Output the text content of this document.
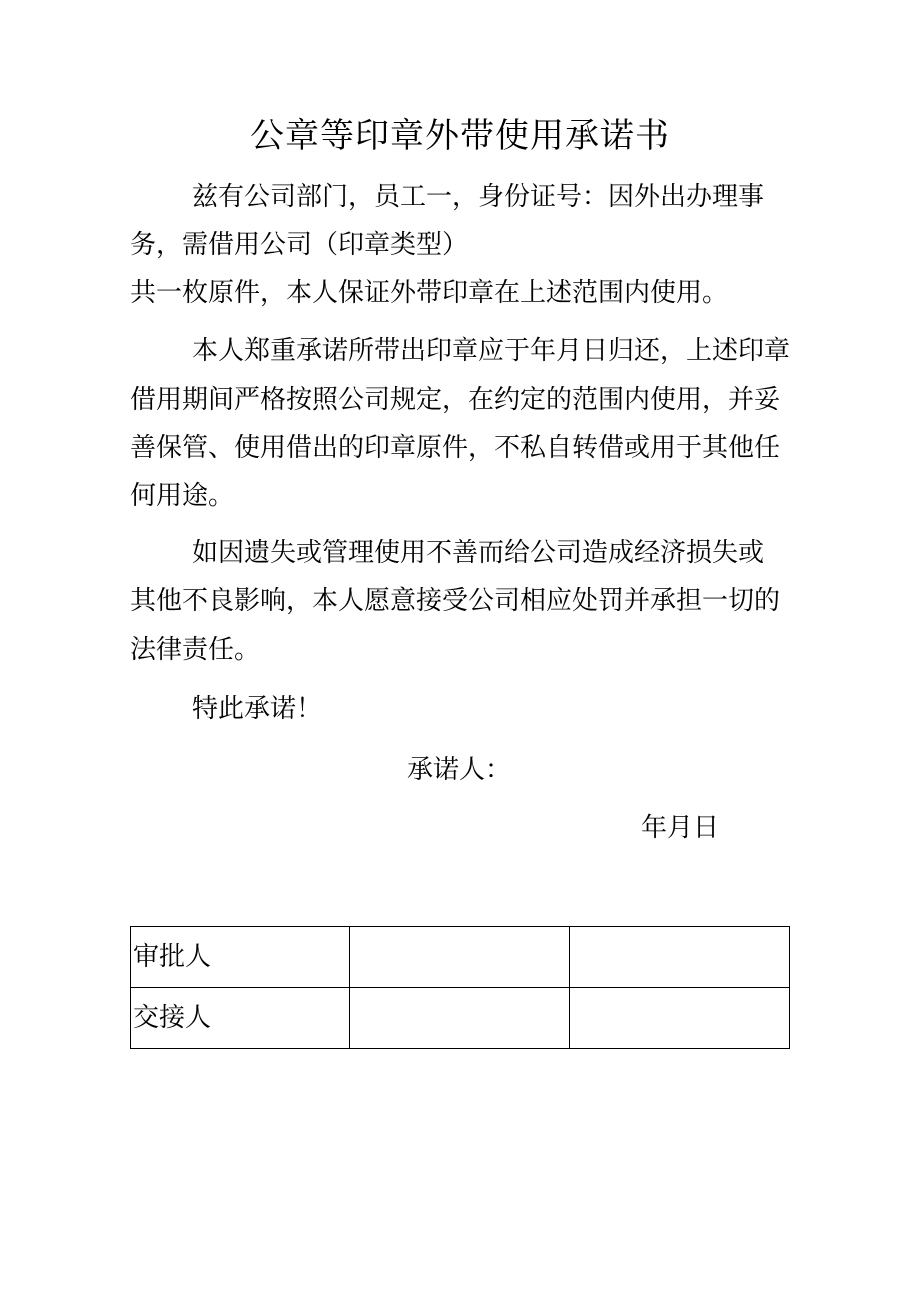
公章等印章外带使用承诺书
兹有公司部门，员工一，身份证号：因外出办理事
务，需借用公司（印章类型）
共一枚原件，本人保证外带印章在上述范围内使用。
本人郑重承诺所带出印章应于年月日归还，上述印章
借用期间严格按照公司规定，在约定的范围内使用，并妥
善保管、使用借出的印章原件，不私自转借或用于其他任
何用途。
如因遗失或管理使用不善而给公司造成经济损失或
其他不良影响，本人愿意接受公司相应处罚并承担一切的
法律责任。
特此承诺！
承诺人：
年月日
审批人		
交接人		
